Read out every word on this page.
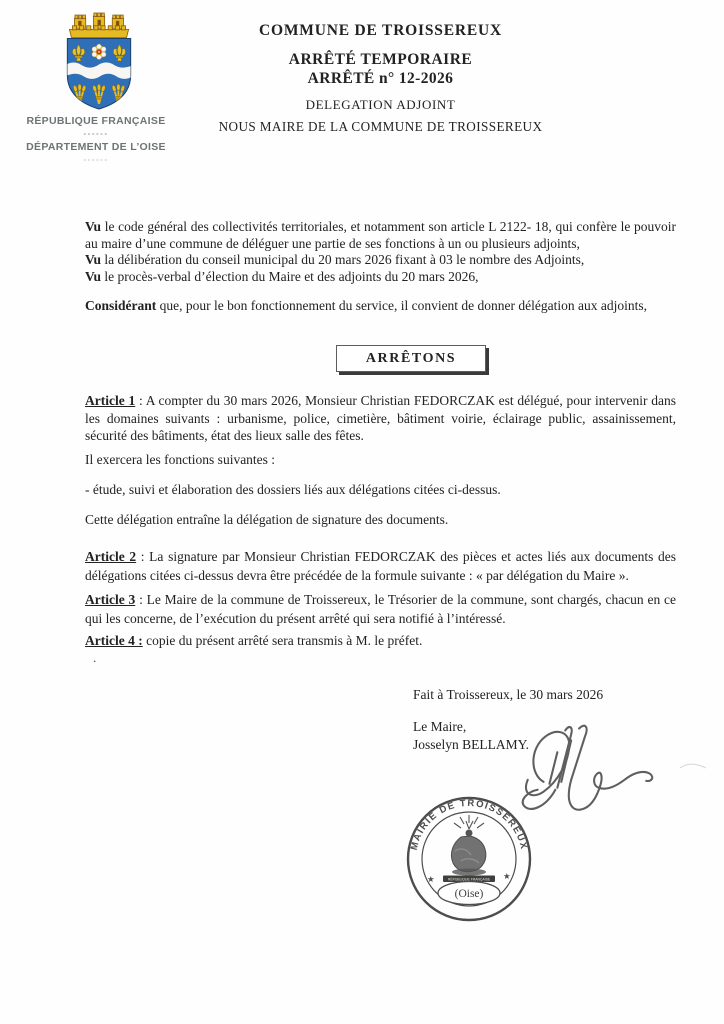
RÉPUBLIQUE FRANÇAISE
------
DÉPARTEMENT DE L’OISE
------
COMMUNE DE TROISSEREUX
ARRÊTÉ TEMPORAIRE
ARRÊTÉ n° 12-2026
DELEGATION ADJOINT
NOUS MAIRE DE LA COMMUNE DE TROISSEREUX

Vu le code général des collectivités territoriales, et notamment son article L 2122- 18, qui confère le pouvoir au maire d’une commune de déléguer une partie de ses fonctions à un ou plusieurs adjoints,

Vu la délibération du conseil municipal du 20 mars 2026 fixant à 03 le nombre des Adjoints,

Vu le procès-verbal d’élection du Maire et des adjoints du 20 mars 2026,

Considérant que, pour le bon fonctionnement du service, il convient de donner délégation aux adjoints,
ARRÊTONS
Article 1 : A compter du 30 mars 2026, Monsieur Christian FEDORCZAK est délégué, pour intervenir dans les domaines suivants : urbanisme, police, cimetière, bâtiment voirie, éclairage public, assainissement, sécurité des bâtiments, état des lieux salle des fêtes.
Il exercera les fonctions suivantes :
- étude, suivi et élaboration des dossiers liés aux délégations citées ci-dessus.
Cette délégation entraîne la délégation de signature des documents.
Article 2 : La signature par Monsieur Christian FEDORCZAK des pièces et actes liés aux documents des délégations citées ci-dessus devra être précédée de la formule suivante : « par délégation du Maire ».
Article 3 : Le Maire de la commune de Troissereux, le Trésorier de la commune, sont chargés, chacun en ce qui les concerne, de l’exécution du présent arrêté qui sera notifié à l’intéressé.
Article 4 : copie du présent arrêté sera transmis à M. le préfet.
.
Fait à Troissereux, le 30 mars 2026
Le Maire,
Josselyn BELLAMY.
MAIRIE DE TROISSEREUX
RÉPUBLIQUE FRANÇAISE
★	★
(Oise)
